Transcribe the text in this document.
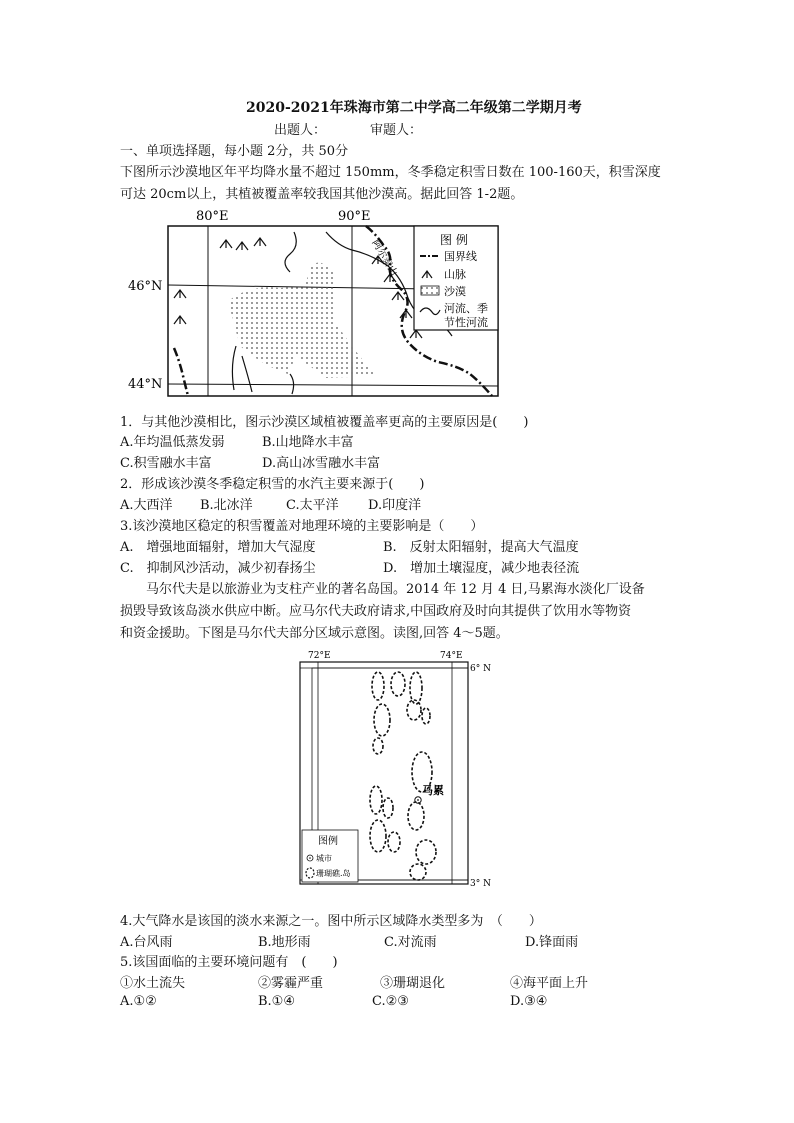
2020-2021年珠海市第二中学高二年级第二学期月考
出题人：	审题人：
一、单项选择题，每小题 2分，共 50分
下图所示沙漠地区年平均降水量不超过 150mm，冬季稳定积雪日数在 100-160天，积雪深度
可达 20cm以上，其植被覆盖率较我国其他沙漠高。据此回答 1-2题。
阿尔泰山
80°E	90°E
46°N
44°N
图 例
国界线
山脉
沙漠
河流、季
节性河流
1．与其他沙漠相比，图示沙漠区域植被覆盖率更高的主要原因是(　　)
A.年均温低蒸发弱	B.山地降水丰富
C.积雪融水丰富	D.高山冰雪融水丰富
2．形成该沙漠冬季稳定积雪的水汽主要来源于(　　)
A.大西洋 B.北冰洋	C.太平洋 D.印度洋
3.该沙漠地区稳定的积雪覆盖对地理环境的主要影响是（　　）
A.　增强地面辐射，增加大气湿度	B.　反射太阳辐射，提高大气温度
C.　抑制风沙活动，减少初春扬尘	D.　增加土壤湿度，减少地表径流
马尔代夫是以旅游业为支柱产业的著名岛国。2014 年 12 月 4 日,马累海水淡化厂设备
损毁导致该岛淡水供应中断。应马尔代夫政府请求,中国政府及时向其提供了饮用水等物资
和资金援助。下图是马尔代夫部分区域示意图。读图,回答 4～5题。
72°E	74°E
6° N
3° N
马累
图例
城市
珊瑚礁.岛
4.大气降水是该国的淡水来源之一。图中所示区域降水类型多为　（　　）
A.台风雨	B.地形雨	C.对流雨	D.锋面雨
5.该国面临的主要环境问题有　(　　)
①水土流失	②雾霾严重	③珊瑚退化	④海平面上升
A.①②	B.①④	C.②③	D.③④
